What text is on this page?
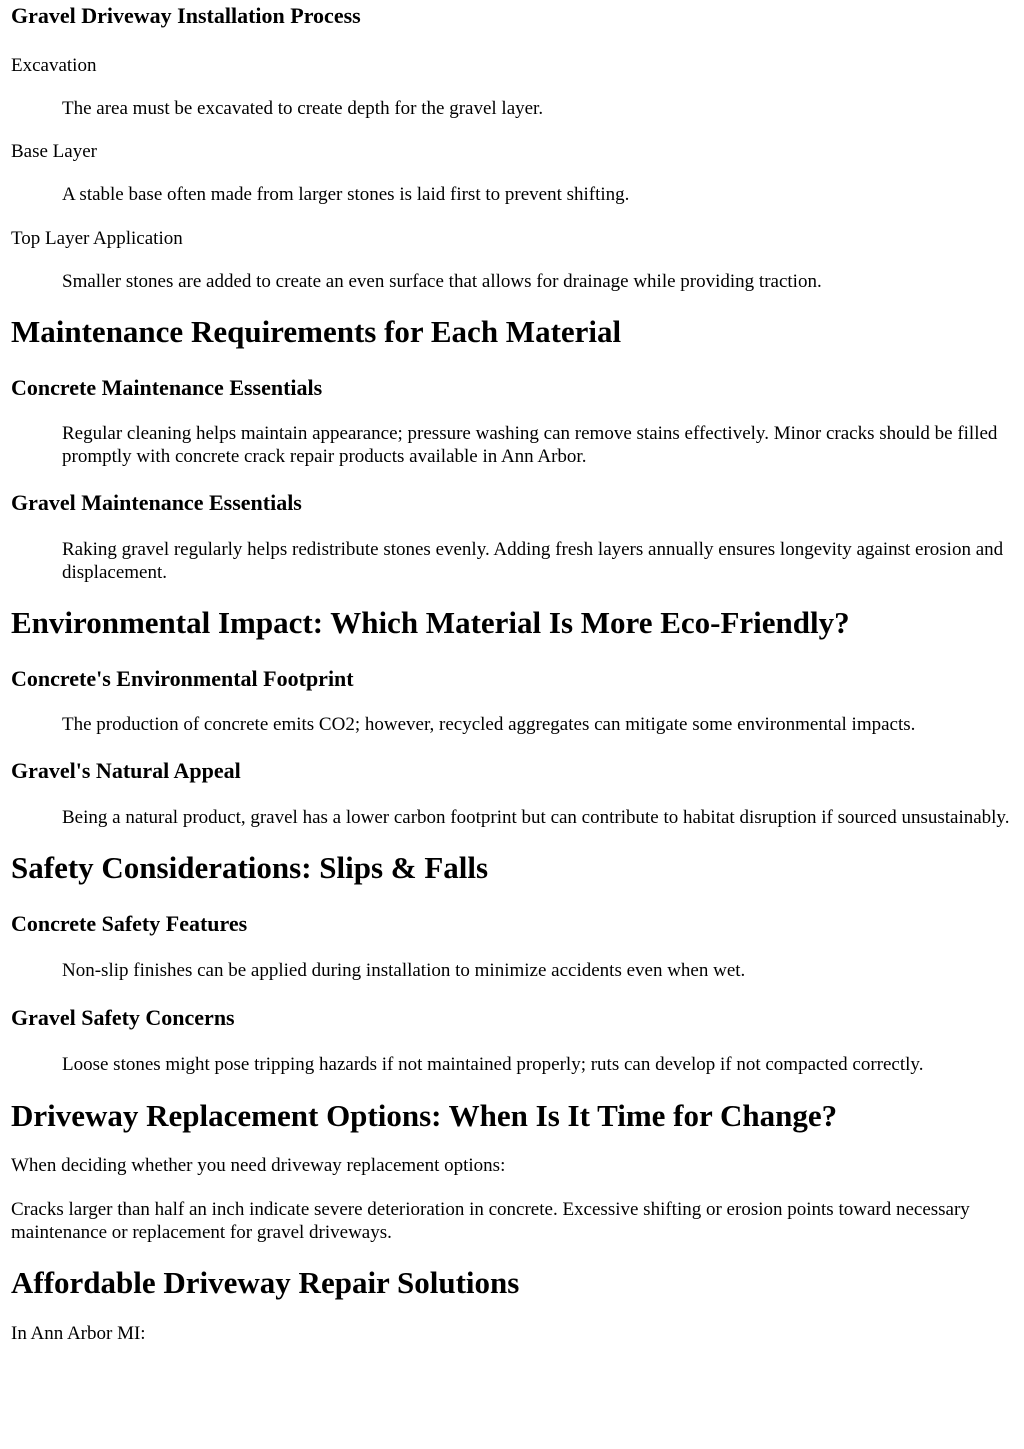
Gravel Driveway Installation Process

Excavation

The area must be excavated to create depth for the gravel layer.

Base Layer

A stable base often made from larger stones is laid first to prevent shifting.

Top Layer Application

Smaller stones are added to create an even surface that allows for drainage while providing traction.

Maintenance Requirements for Each Material
Concrete Maintenance Essentials

Regular cleaning helps maintain appearance; pressure washing can remove stains effectively. Minor cracks should be filled promptly with concrete crack repair products available in Ann Arbor.

Gravel Maintenance Essentials

Raking gravel regularly helps redistribute stones evenly. Adding fresh layers annually ensures longevity against erosion and displacement.

Environmental Impact: Which Material Is More Eco-Friendly?
Concrete's Environmental Footprint

The production of concrete emits CO2; however, recycled aggregates can mitigate some environmental impacts.

Gravel's Natural Appeal

Being a natural product, gravel has a lower carbon footprint but can contribute to habitat disruption if sourced unsustainably.

Safety Considerations: Slips & Falls
Concrete Safety Features

Non-slip finishes can be applied during installation to minimize accidents even when wet.

Gravel Safety Concerns

Loose stones might pose tripping hazards if not maintained properly; ruts can develop if not compacted correctly.

Driveway Replacement Options: When Is It Time for Change?

When deciding whether you need driveway replacement options:

Cracks larger than half an inch indicate severe deterioration in concrete. Excessive shifting or erosion points toward necessary maintenance or replacement for gravel driveways.

Affordable Driveway Repair Solutions

In Ann Arbor MI:
